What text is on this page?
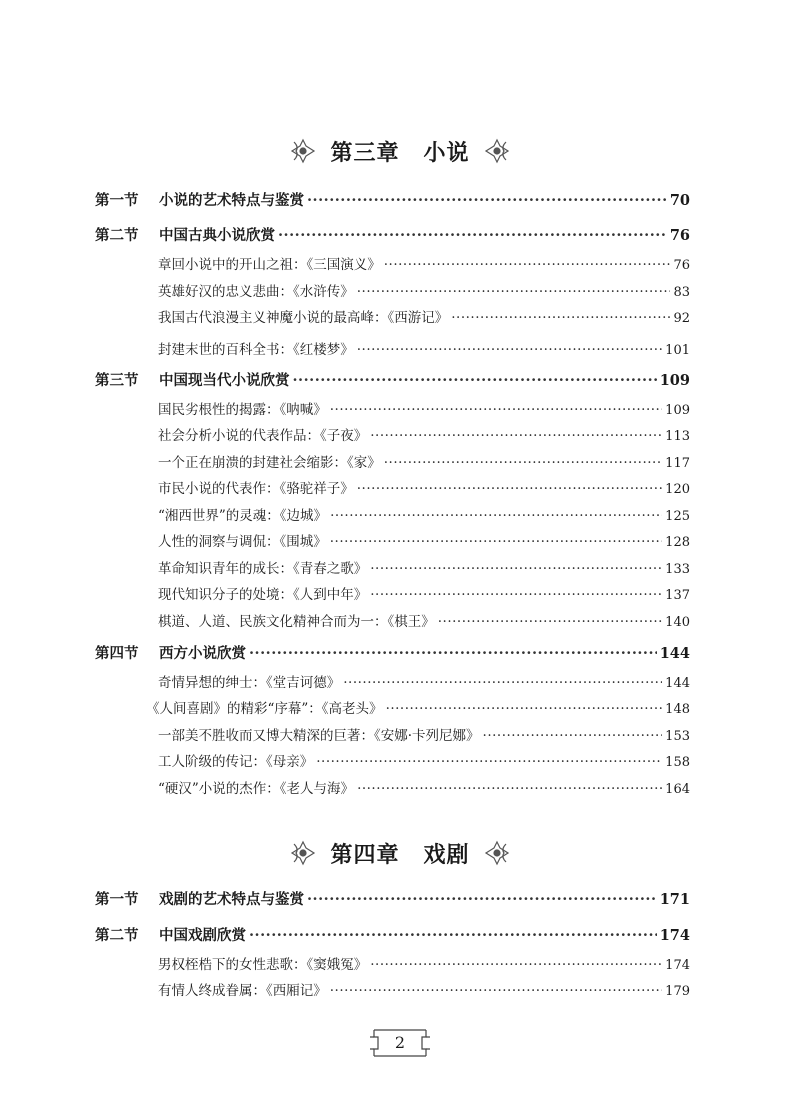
第三章 小说
第一节	小说的艺术特点与鉴赏 ·····	70
第二节	中国古典小说欣赏 ·····	76
章回小说中的开山之祖：《三国演义》 ·····	76
英雄好汉的忠义悲曲：《水浒传》 ·····	83
我国古代浪漫主义神魔小说的最高峰：《西游记》 ·····	92
封建末世的百科全书：《红楼梦》 ·····	101
第三节	中国现当代小说欣赏 ·····	109
国民劣根性的揭露：《呐喊》 ·····	109
社会分析小说的代表作品：《子夜》 ·····	113
一个正在崩溃的封建社会缩影：《家》 ·····	117
市民小说的代表作：《骆驼祥子》 ·····	120
“湘西世界”的灵魂：《边城》 ·····	125
人性的洞察与调侃：《围城》 ·····	128
革命知识青年的成长：《青春之歌》 ·····	133
现代知识分子的处境：《人到中年》 ·····	137
棋道、人道、民族文化精神合而为一：《棋王》 ·····	140
第四节	西方小说欣赏 ·····	144
奇情异想的绅士：《堂吉诃德》 ·····	144
《人间喜剧》的精彩“序幕”：《高老头》 ·····	148
一部美不胜收而又博大精深的巨著：《安娜·卡列尼娜》 ·····	153
工人阶级的传记：《母亲》 ·····	158
“硬汉”小说的杰作：《老人与海》 ·····	164
第四章 戏剧
第一节	戏剧的艺术特点与鉴赏 ·····	171
第二节	中国戏剧欣赏 ·····	174
男权桎梏下的女性悲歌：《窦娥冤》 ·····	174
有情人终成眷属：《西厢记》 ·····	179
2
